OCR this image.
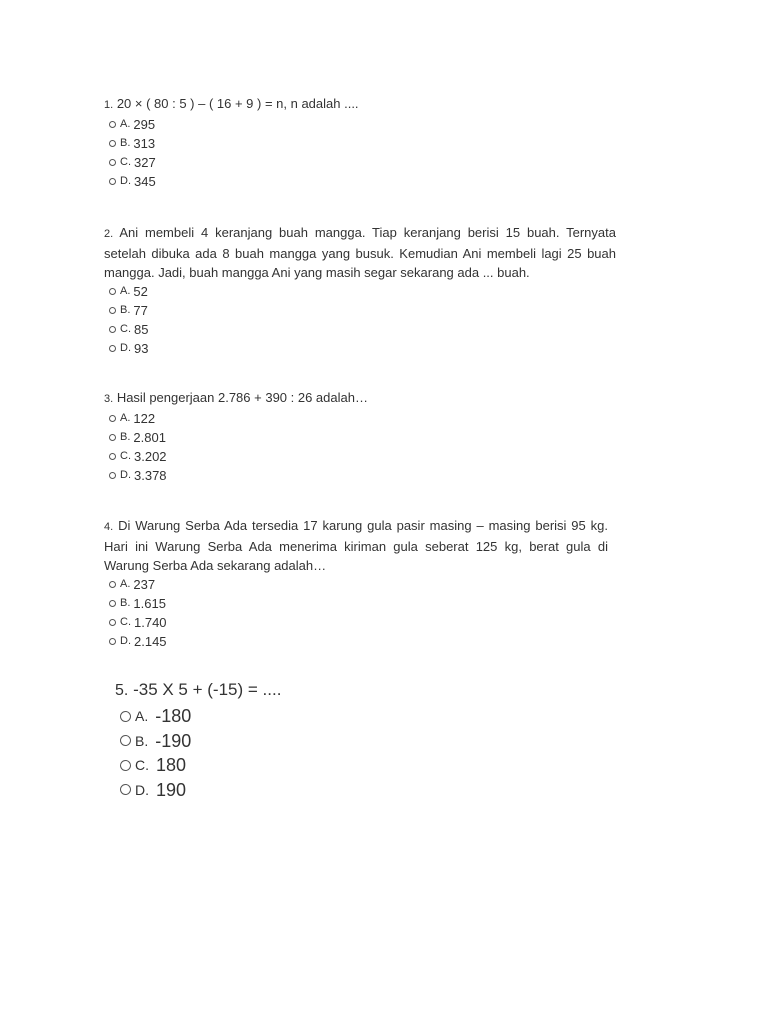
1. 20 × ( 80 : 5 ) – ( 16 + 9 ) = n, n adalah ....

A. 295
B. 313
C. 327
D. 345

2. Ani membeli 4 keranjang buah mangga. Tiap keranjang berisi 15 buah. Ternyata setelah dibuka ada 8 buah mangga yang busuk. Kemudian Ani membeli lagi 25 buah mangga. Jadi, buah mangga Ani yang masih segar sekarang ada ... buah.

A. 52
B. 77
C. 85
D. 93

3. Hasil pengerjaan 2.786 + 390 : 26 adalah…

A. 122
B. 2.801
C. 3.202
D. 3.378

4. Di Warung Serba Ada tersedia 17 karung gula pasir masing – masing berisi 95 kg. Hari ini Warung Serba Ada menerima kiriman gula seberat 125 kg, berat gula di Warung Serba Ada sekarang adalah…

A. 237
B. 1.615
C. 1.740
D. 2.145

5. -35 X 5 + (-15) = ....

A. -180
B. -190
C. 180
D. 190
